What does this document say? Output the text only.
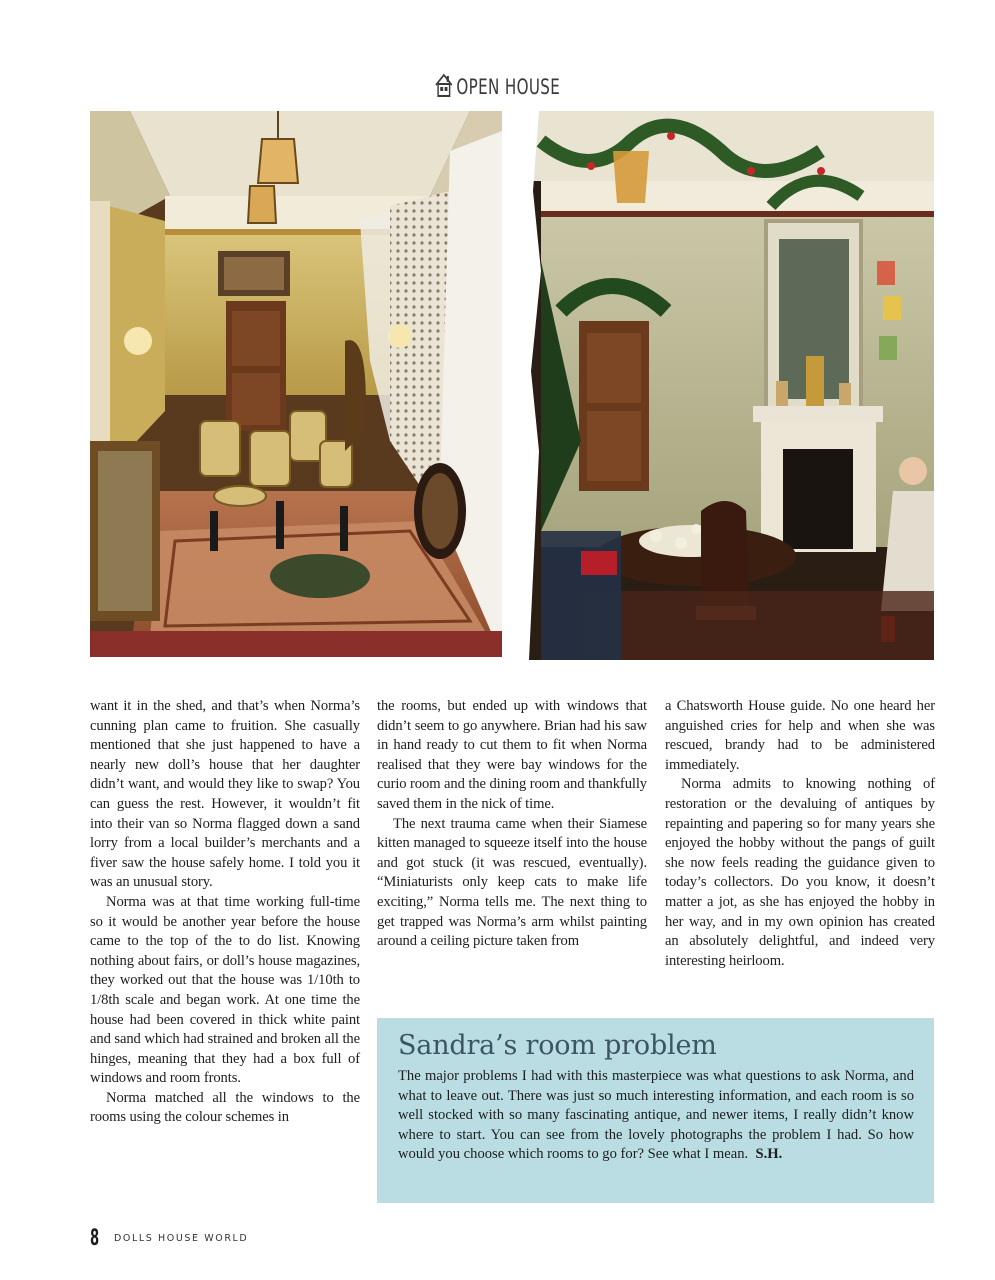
OPEN HOUSE

want it in the shed, and that’s when Norma’s cunning plan came to fruition. She casually mentioned that she just happened to have a nearly new doll’s house that her daughter didn’t want, and would they like to swap? You can guess the rest. However, it wouldn’t fit into their van so Norma flagged down a sand lorry from a local builder’s merchants and a fiver saw the house safely home. I told you it was an unusual story.

Norma was at that time working full-time so it would be another year before the house came to the top of the to do list. Knowing nothing about fairs, or doll’s house magazines, they worked out that the house was 1/10th to 1/8th scale and began work. At one time the house had been covered in thick white paint and sand which had strained and broken all the hinges, meaning that they had a box full of windows and room fronts.

Norma matched all the windows to the rooms using the colour schemes in

the rooms, but ended up with windows that didn’t seem to go anywhere. Brian had his saw in hand ready to cut them to fit when Norma realised that they were bay windows for the curio room and the dining room and thankfully saved them in the nick of time.

The next trauma came when their Siamese kitten managed to squeeze itself into the house and got stuck (it was rescued, eventually). “Miniaturists only keep cats to make life exciting,” Norma tells me. The next thing to get trapped was Norma’s arm whilst painting around a ceiling picture taken from

a Chatsworth House guide. No one heard her anguished cries for help and when she was rescued, brandy had to be administered immediately.

Norma admits to knowing nothing of restoration or the devaluing of antiques by repainting and papering so for many years she enjoyed the hobby without the pangs of guilt she now feels reading the guidance given to today’s collectors. Do you know, it doesn’t matter a jot, as she has enjoyed the hobby in her way, and in my own opinion has created an absolutely delightful, and indeed very interesting heirloom.

Sandra’s room problem

The major problems I had with this masterpiece was what questions to ask Norma, and what to leave out. There was just so much interesting information, and each room is so well stocked with so many fascinating antique, and newer items, I really didn’t know where to start. You can see from the lovely photographs the problem I had. So how would you choose which rooms to go for? See what I mean. S.H.

8 DOLLS HOUSE WORLD
